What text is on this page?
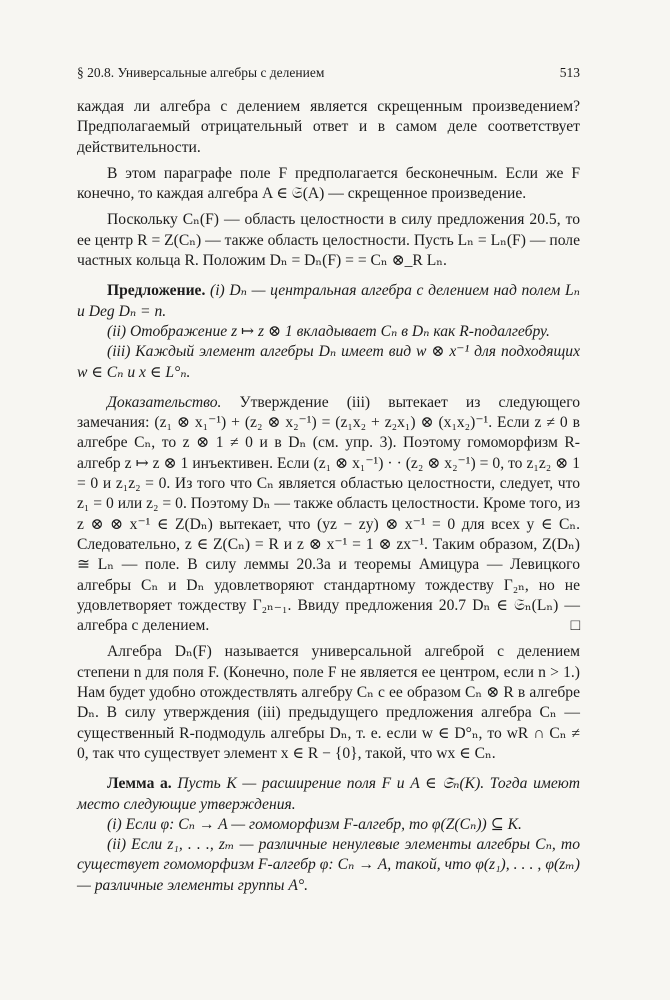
§ 20.8. Универсальные алгебры с делением	513

каждая ли алгебра с делением является скрещенным произведением? Предполагаемый отрицательный ответ и в самом деле соответствует действительности.

В этом параграфе поле F предполагается бесконечным. Если же F конечно, то каждая алгебра A ∈ 𝔖(A) — скрещенное произведение.

Поскольку Cₙ(F) — область целостности в силу предложения 20.5, то ее центр R = Z(Cₙ) — также область целостности. Пусть Lₙ = Lₙ(F) — поле частных кольца R. Положим Dₙ = Dₙ(F) = = Cₙ ⊗_R Lₙ.

Предложение. (i) Dₙ — центральная алгебра с делением над полем Lₙ и Deg Dₙ = n.

(ii) Отображение z ↦ z ⊗ 1 вкладывает Cₙ в Dₙ как R-подалгебру.

(iii) Каждый элемент алгебры Dₙ имеет вид w ⊗ x⁻¹ для подходящих w ∈ Cₙ и x ∈ L°ₙ.

Доказательство. Утверждение (iii) вытекает из следующего замечания: (z₁ ⊗ x₁⁻¹) + (z₂ ⊗ x₂⁻¹) = (z₁x₂ + z₂x₁) ⊗ (x₁x₂)⁻¹. Если z ≠ 0 в алгебре Cₙ, то z ⊗ 1 ≠ 0 и в Dₙ (см. упр. 3). Поэтому гомоморфизм R-алгебр z ↦ z ⊗ 1 инъективен. Если (z₁ ⊗ x₁⁻¹) · · (z₂ ⊗ x₂⁻¹) = 0, то z₁z₂ ⊗ 1 = 0 и z₁z₂ = 0. Из того что Cₙ является областью целостности, следует, что z₁ = 0 или z₂ = 0. Поэтому Dₙ — также область целостности. Кроме того, из z ⊗ ⊗ x⁻¹ ∈ Z(Dₙ) вытекает, что (yz − zy) ⊗ x⁻¹ = 0 для всех y ∈ Cₙ. Следовательно, z ∈ Z(Cₙ) = R и z ⊗ x⁻¹ = 1 ⊗ zx⁻¹. Таким образом, Z(Dₙ) ≅ Lₙ — поле. В силу леммы 20.3а и теоремы Амицура — Левицкого алгебры Cₙ и Dₙ удовлетворяют стандартному тождеству Γ₂ₙ, но не удовлетворяет тождеству Γ₂ₙ₋₁. Ввиду предложения 20.7 Dₙ ∈ 𝔖ₙ(Lₙ) — алгебра с делением.	□

Алгебра Dₙ(F) называется универсальной алгеброй с делением степени n для поля F. (Конечно, поле F не является ее центром, если n > 1.) Нам будет удобно отождествлять алгебру Cₙ с ее образом Cₙ ⊗ R в алгебре Dₙ. В силу утверждения (iii) предыдущего предложения алгебра Cₙ — существенный R-подмодуль алгебры Dₙ, т. е. если w ∈ D°ₙ, то wR ∩ Cₙ ≠ 0, так что существует элемент x ∈ R − {0}, такой, что wx ∈ Cₙ.

Лемма а. Пусть K — расширение поля F и A ∈ 𝔖ₙ(K). Тогда имеют место следующие утверждения.

(i) Если φ: Cₙ → A — гомоморфизм F-алгебр, то φ(Z(Cₙ)) ⊆ K.

(ii) Если z₁, . . ., zₘ — различные ненулевые элементы алгебры Cₙ, то существует гомоморфизм F-алгебр φ: Cₙ → A, такой, что φ(z₁), . . . , φ(zₘ) — различные элементы группы A°.
